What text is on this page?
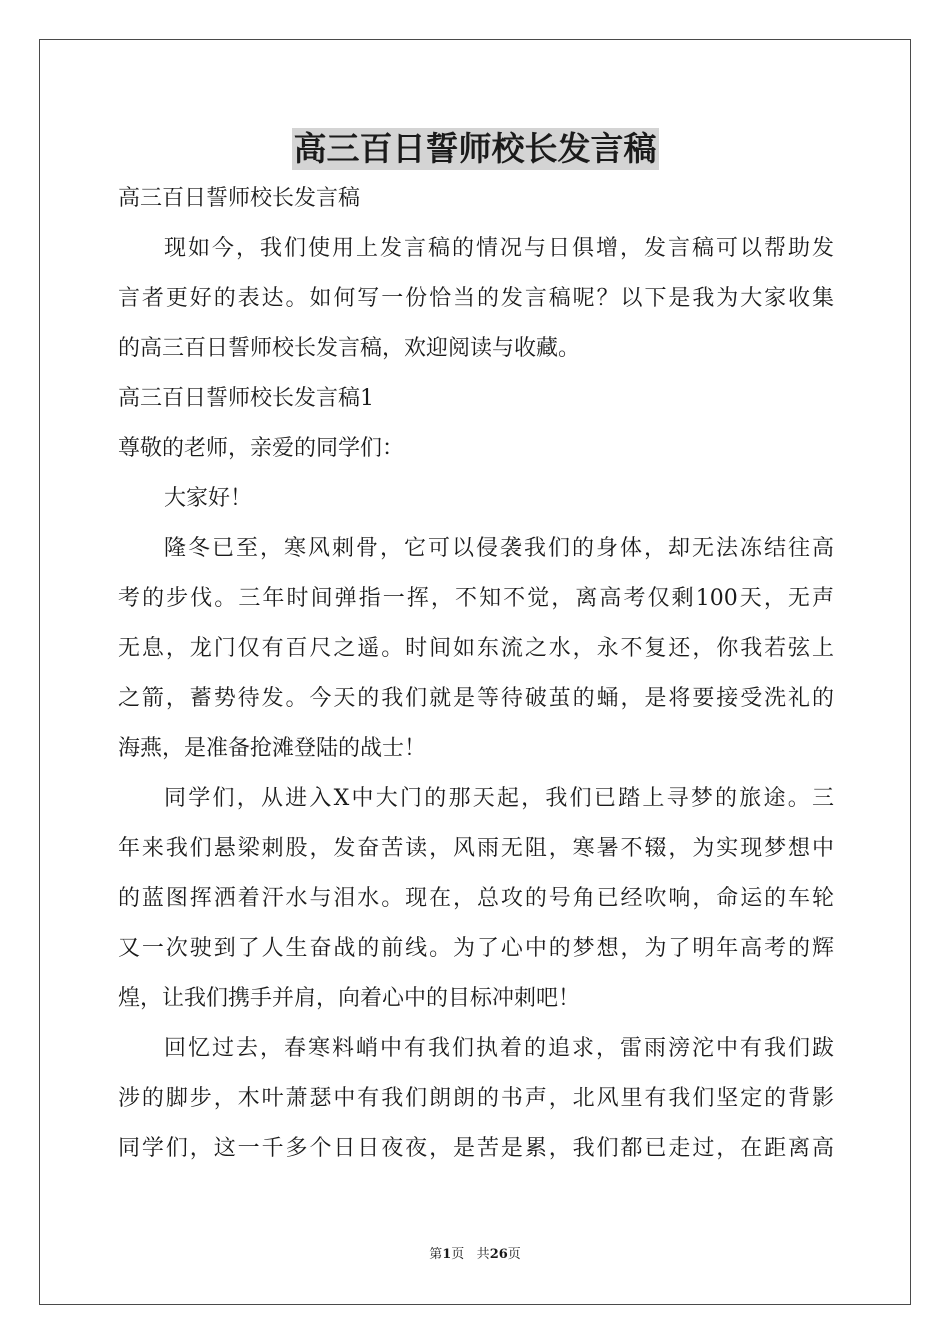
高三百日誓师校长发言稿
高三百日誓师校长发言稿
现如今，我们使用上发言稿的情况与日俱增，发言稿可以帮助发
言者更好的表达。如何写一份恰当的发言稿呢？以下是我为大家收集
的高三百日誓师校长发言稿，欢迎阅读与收藏。
高三百日誓师校长发言稿1
尊敬的老师，亲爱的同学们：
大家好！
隆冬已至，寒风刺骨，它可以侵袭我们的身体，却无法冻结往高
考的步伐。三年时间弹指一挥，不知不觉，离高考仅剩100天，无声
无息，龙门仅有百尺之遥。时间如东流之水，永不复还，你我若弦上
之箭，蓄势待发。今天的我们就是等待破茧的蛹，是将要接受洗礼的
海燕，是准备抢滩登陆的战士！
同学们，从进入X中大门的那天起，我们已踏上寻梦的旅途。三
年来我们悬梁刺股，发奋苦读，风雨无阻，寒暑不辍，为实现梦想中
的蓝图挥洒着汗水与泪水。现在，总攻的号角已经吹响，命运的车轮
又一次驶到了人生奋战的前线。为了心中的梦想，为了明年高考的辉
煌，让我们携手并肩，向着心中的目标冲刺吧！
回忆过去，春寒料峭中有我们执着的追求，雷雨滂沱中有我们跋
涉的脚步，木叶萧瑟中有我们朗朗的书声，北风里有我们坚定的背影
同学们，这一千多个日日夜夜，是苦是累，我们都已走过，在距离高
第1页 共26页
